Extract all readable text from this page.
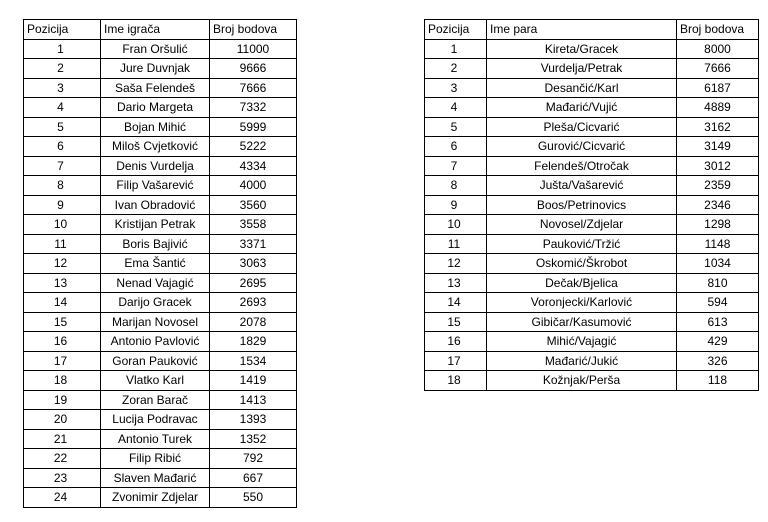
Pozicija	Ime igrača	Broj bodova
1	Fran Oršulić	11000
2	Jure Duvnjak	9666
3	Saša Felendeš	7666
4	Dario Margeta	7332
5	Bojan Mihić	5999
6	Miloš Cvjetković	5222
7	Denis Vurdelja	4334
8	Filip Vašarević	4000
9	Ivan Obradović	3560
10	Kristijan Petrak	3558
11	Boris Bajivić	3371
12	Ema Šantić	3063
13	Nenad Vajagić	2695
14	Darijo Gracek	2693
15	Marijan Novosel	2078
16	Antonio Pavlović	1829
17	Goran Pauković	1534
18	Vlatko Karl	1419
19	Zoran Barač	1413
20	Lucija Podravac	1393
21	Antonio Turek	1352
22	Filip Ribić	792
23	Slaven Mađarić	667
24	Zvonimir Zdjelar	550
Pozicija	Ime para	Broj bodova
1	Kireta/Gracek	8000
2	Vurdelja/Petrak	7666
3	Desančić/Karl	6187
4	Mađarić/Vujić	4889
5	Pleša/Cicvarić	3162
6	Gurović/Cicvarić	3149
7	Felendeš/Otročak	3012
8	Jušta/Vašarević	2359
9	Boos/Petrinovics	2346
10	Novosel/Zdjelar	1298
11	Pauković/Tržić	1148
12	Oskomić/Škrobot	1034
13	Dečak/Bjelica	810
14	Voronjecki/Karlović	594
15	Gibičar/Kasumović	613
16	Mihić/Vajagić	429
17	Mađarić/Jukić	326
18	Kožnjak/Perša	118
